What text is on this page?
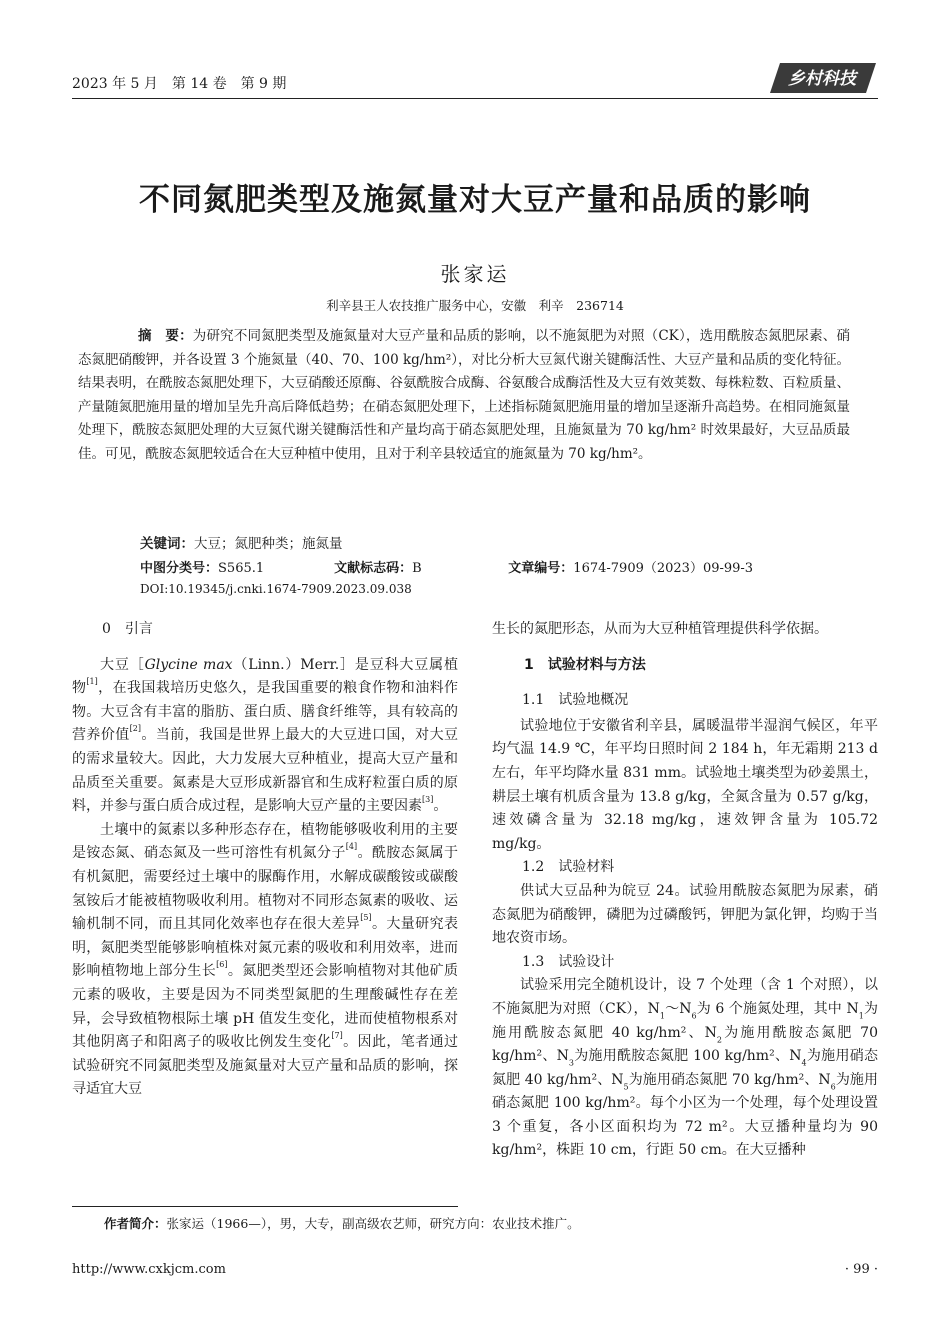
2023 年 5 月　第 14 卷　第 9 期	乡村科技
不同氮肥类型及施氮量对大豆产量和品质的影响
张家运
利辛县王人农技推广服务中心，安徽　利辛　236714
摘　要：为研究不同氮肥类型及施氮量对大豆产量和品质的影响，以不施氮肥为对照（CK），选用酰胺态氮肥尿素、硝态氮肥硝酸钾，并各设置 3 个施氮量（40、70、100 kg/hm²），对比分析大豆氮代谢关键酶活性、大豆产量和品质的变化特征。结果表明，在酰胺态氮肥处理下，大豆硝酸还原酶、谷氨酰胺合成酶、谷氨酸合成酶活性及大豆有效荚数、每株粒数、百粒质量、产量随氮肥施用量的增加呈先升高后降低趋势；在硝态氮肥处理下，上述指标随氮肥施用量的增加呈逐渐升高趋势。在相同施氮量处理下，酰胺态氮肥处理的大豆氮代谢关键酶活性和产量均高于硝态氮肥处理，且施氮量为 70 kg/hm² 时效果最好，大豆品质最佳。可见，酰胺态氮肥较适合在大豆种植中使用，且对于利辛县较适宜的施氮量为 70 kg/hm²。
关键词：大豆；氮肥种类；施氮量
中图分类号：S565.1	文献标志码：B	文章编号：1674-7909（2023）09-99-3
DOI:10.19345/j.cnki.1674-7909.2023.09.038
0　引言

大豆［Glycine max（Linn.）Merr.］是豆科大豆属植物[1]，在我国栽培历史悠久，是我国重要的粮食作物和油料作物。大豆含有丰富的脂肪、蛋白质、膳食纤维等，具有较高的营养价值[2]。当前，我国是世界上最大的大豆进口国，对大豆的需求量较大。因此，大力发展大豆种植业，提高大豆产量和品质至关重要。氮素是大豆形成新器官和生成籽粒蛋白质的原料，并参与蛋白质合成过程，是影响大豆产量的主要因素[3]。

土壤中的氮素以多种形态存在，植物能够吸收利用的主要是铵态氮、硝态氮及一些可溶性有机氮分子[4]。酰胺态氮属于有机氮肥，需要经过土壤中的脲酶作用，水解成碳酸铵或碳酸氢铵后才能被植物吸收利用。植物对不同形态氮素的吸收、运输机制不同，而且其同化效率也存在很大差异[5]。大量研究表明，氮肥类型能够影响植株对氮元素的吸收和利用效率，进而影响植物地上部分生长[6]。氮肥类型还会影响植物对其他矿质元素的吸收，主要是因为不同类型氮肥的生理酸碱性存在差异，会导致植物根际土壤 pH 值发生变化，进而使植物根系对其他阴离子和阳离子的吸收比例发生变化[7]。因此，笔者通过试验研究不同氮肥类型及施氮量对大豆产量和品质的影响，探寻适宜大豆

生长的氮肥形态，从而为大豆种植管理提供科学依据。

1　试验材料与方法
1.1　试验地概况

试验地位于安徽省利辛县，属暖温带半湿润气候区，年平均气温 14.9 ℃，年平均日照时间 2 184 h，年无霜期 213 d 左右，年平均降水量 831 mm。试验地土壤类型为砂姜黑土，耕层土壤有机质含量为 13.8 g/kg，全氮含量为 0.57 g/kg，速效磷含量为 32.18 mg/kg，速效钾含量为 105.72 mg/kg。

1.2　试验材料

供试大豆品种为皖豆 24。试验用酰胺态氮肥为尿素，硝态氮肥为硝酸钾，磷肥为过磷酸钙，钾肥为氯化钾，均购于当地农资市场。

1.3　试验设计

试验采用完全随机设计，设 7 个处理（含 1 个对照），以不施氮肥为对照（CK），N1～N6为 6 个施氮处理，其中 N1为施用酰胺态氮肥 40 kg/hm²、N2为施用酰胺态氮肥 70 kg/hm²、N3为施用酰胺态氮肥 100 kg/hm²、N4为施用硝态氮肥 40 kg/hm²、N5为施用硝态氮肥 70 kg/hm²、N6为施用硝态氮肥 100 kg/hm²。每个小区为一个处理，每个处理设置 3 个重复，各小区面积均为 72 m²。大豆播种量均为 90 kg/hm²，株距 10 cm，行距 50 cm。在大豆播种

作者简介：张家运（1966—），男，大专，副高级农艺师，研究方向：农业技术推广。
http://www.cxkjcm.com	· 99 ·
